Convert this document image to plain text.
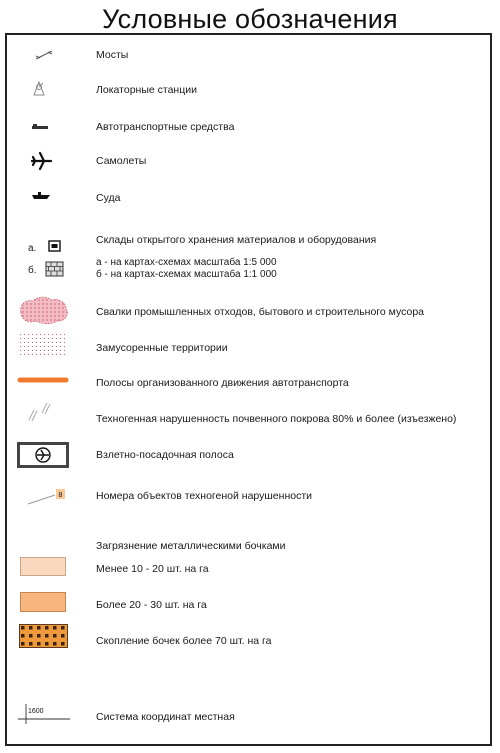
Условные обозначения
Мосты
Локаторные станции
Автотранспортные средства
Самолеты
Суда
Склады открытого хранения материалов и оборудования
а.
б.
а - на картах-схемах масштаба 1:5 000
б - на картах-схемах масштаба 1:1 000
Свалки промышленных отходов, бытового и строительного мусора
Замусоренные территории
Полосы организованного движения автотранспорта
Техногенная нарушенность почвенного покрова 80% и более (изъезжено)
Взлетно-посадочная полоса
8	Номера объектов техногеной нарушенности
Загрязнение металлическими бочками
Менее 10 - 20 шт. на га
Более 20 - 30 шт. на га
Скопление бочек более 70 шт. на га
1600	Система координат местная
